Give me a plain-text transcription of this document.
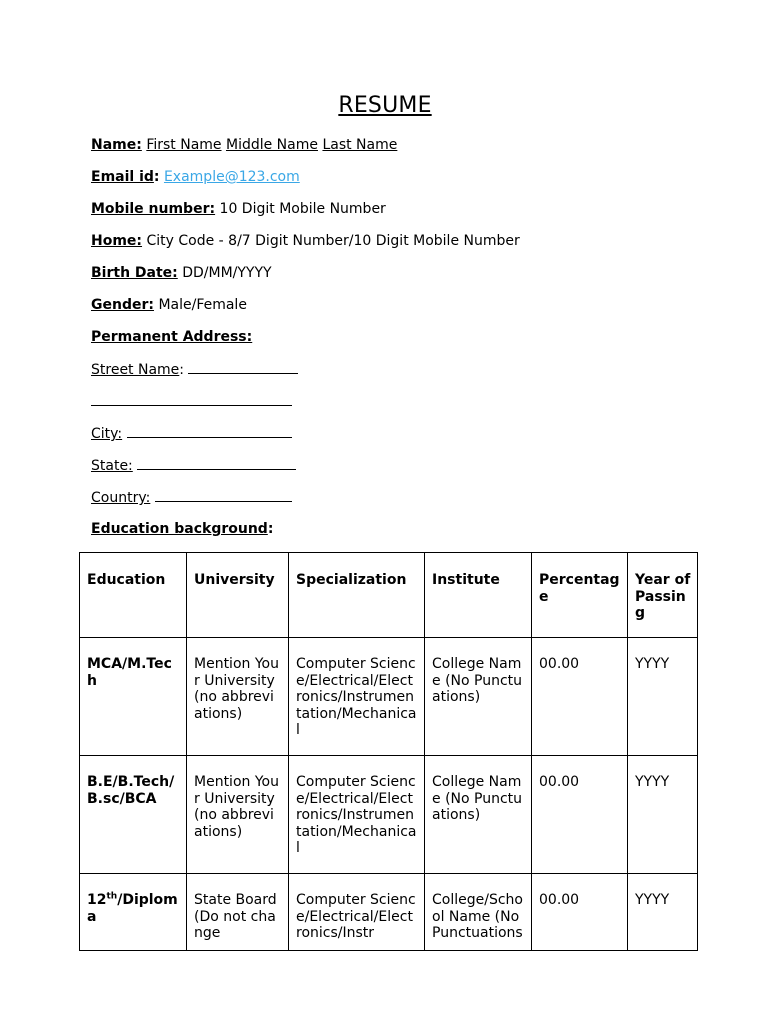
RESUME
Name: First Name Middle Name Last Name
Email id: Example@123.com
Mobile number: 10 Digit Mobile Number
Home: City Code - 8/7 Digit Number/10 Digit Mobile Number
Birth Date: DD/MM/YYYY
Gender: Male/Female
Permanent Address:
Street Name:
City:
State:
Country:
Education background:
Education	University	Specialization	Institute	Percentage	Year of Passing
MCA/M.Tech	Mention Your University(no abbreviations)	Computer Science/Electrical/Electronics/Instrumentation/Mechanical	College Name (No Punctuations)	00.00	YYYY
B.E/B.Tech/B.sc/BCA	Mention Your University(no abbreviations)	Computer Science/Electrical/Electronics/Instrumentation/Mechanical	College Name (No Punctuations)	00.00	YYYY
12th/Diploma	State Board(Do not change	Computer Science/Electrical/Electronics/Instr	College/School Name (No Punctuations	00.00	YYYY
